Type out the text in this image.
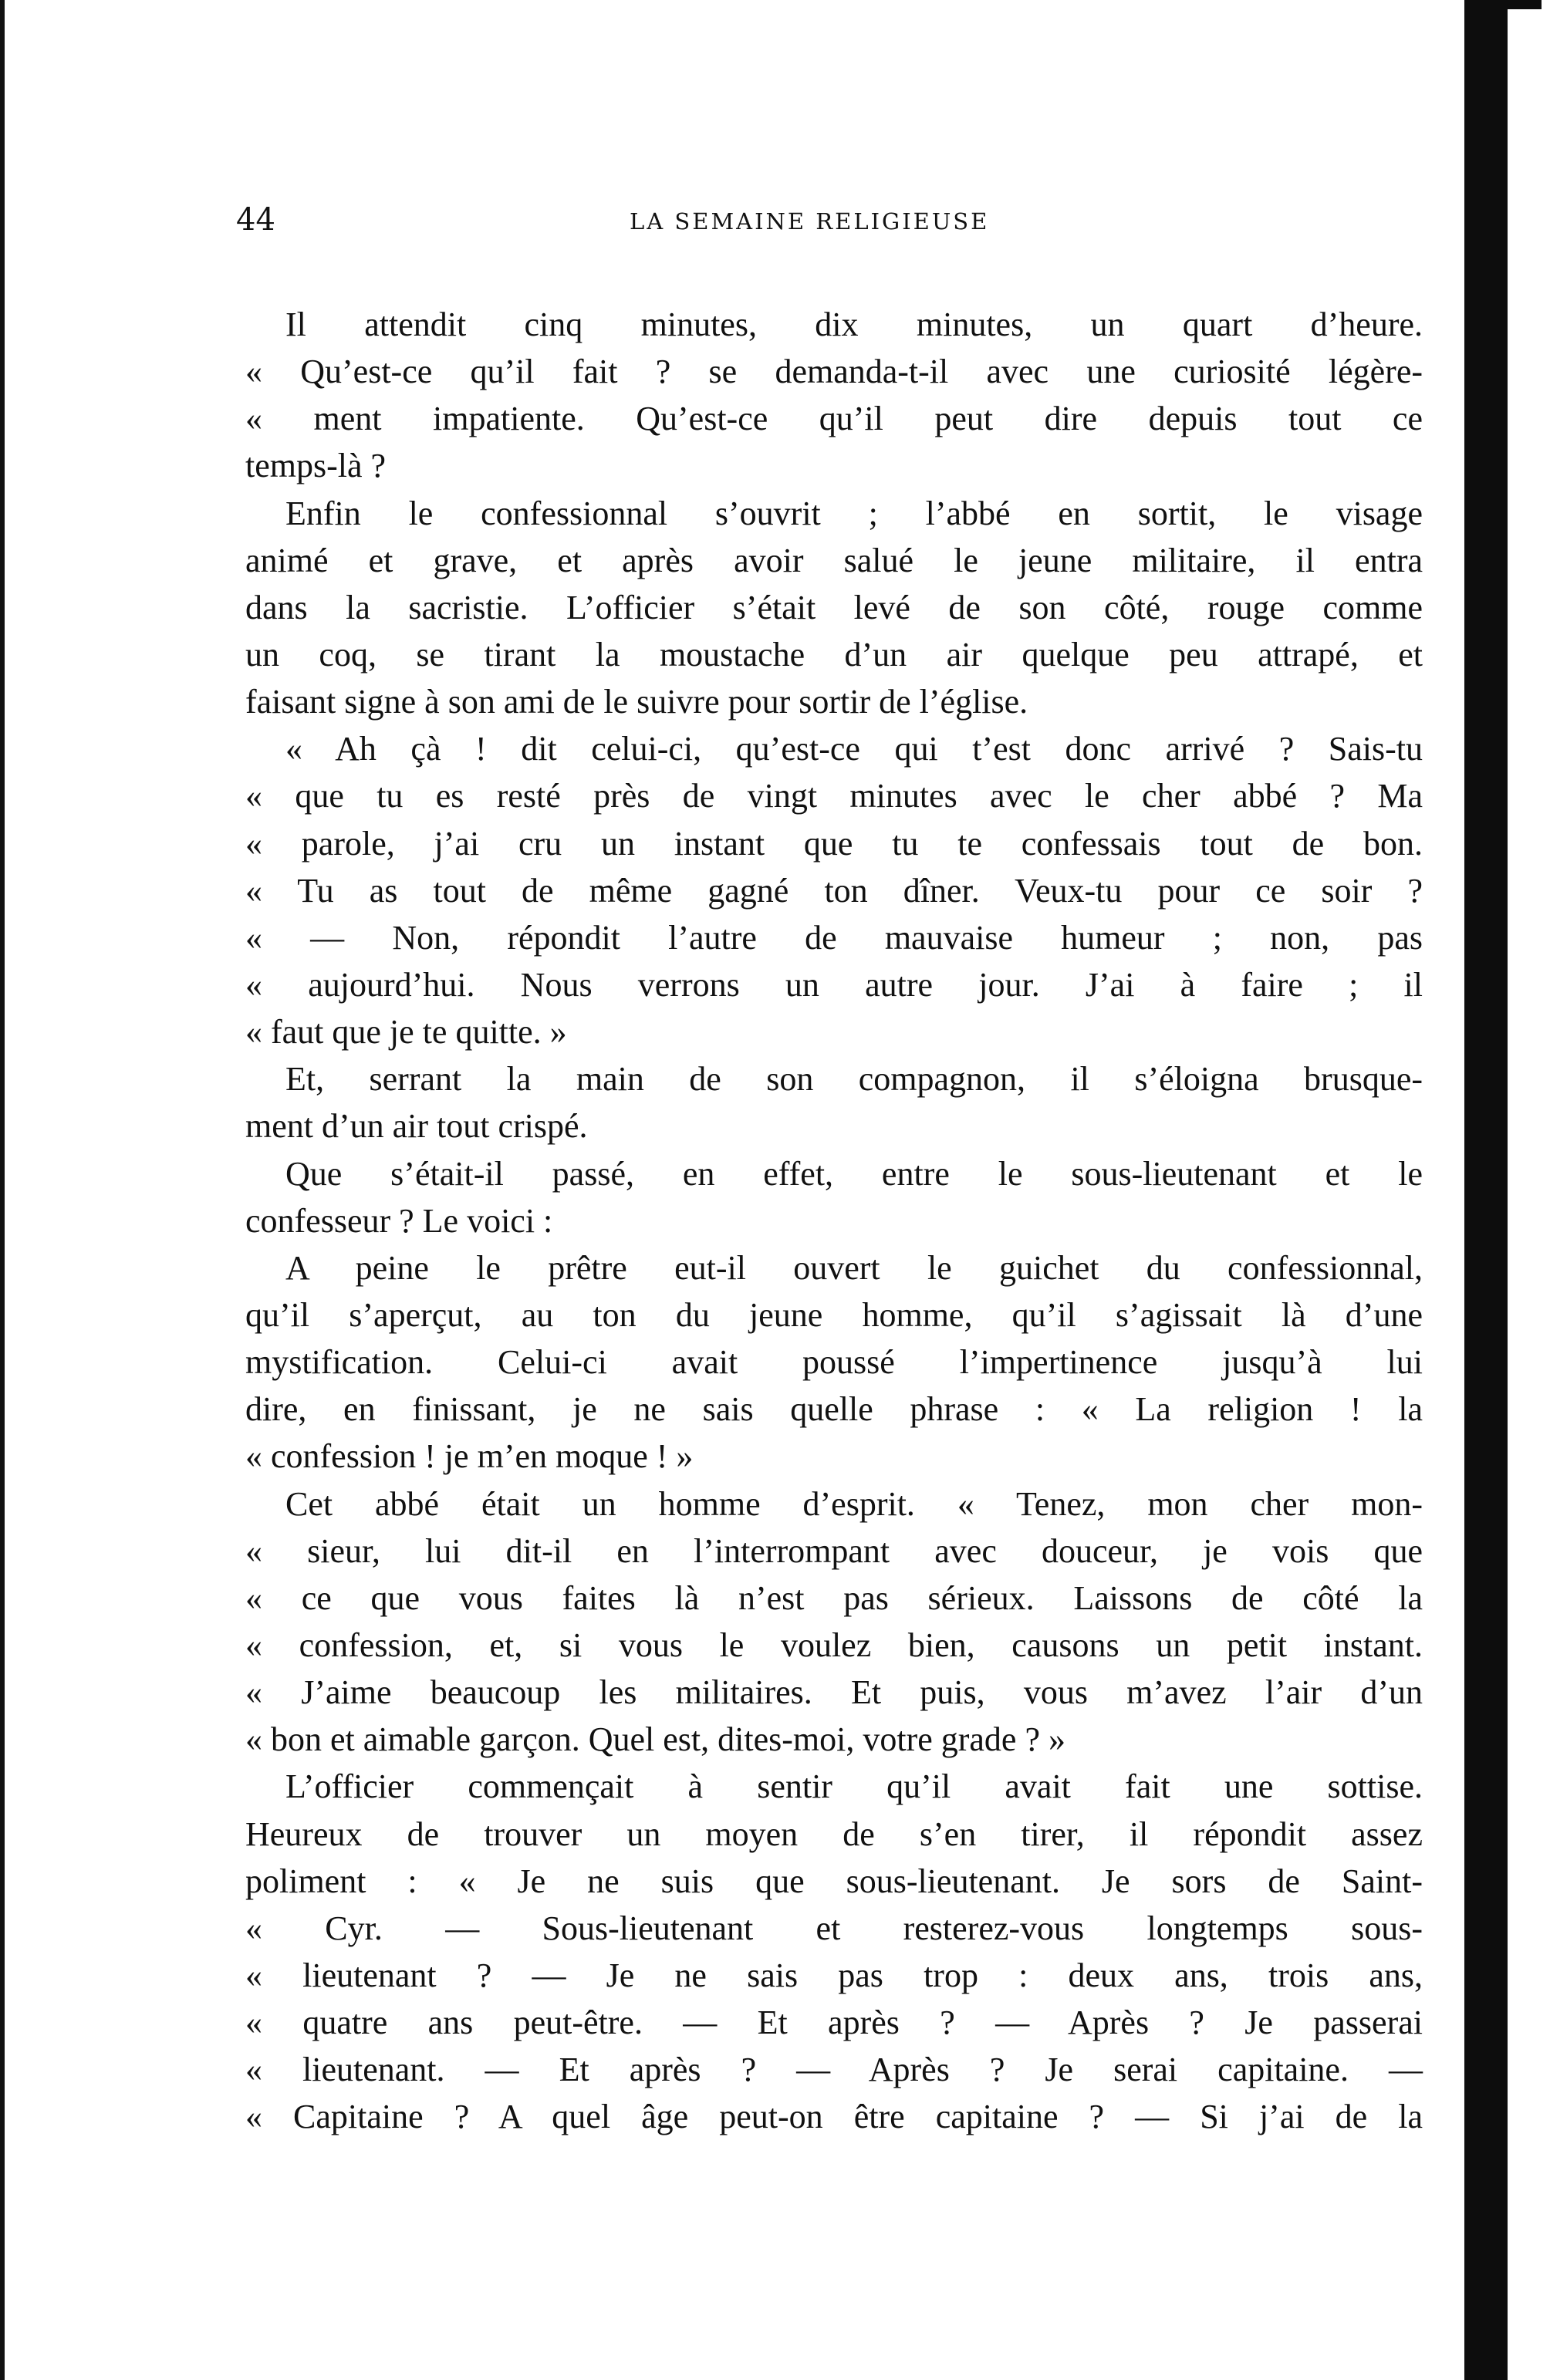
44	LA SEMAINE RELIGIEUSE
Il attendit cinq minutes, dix minutes, un quart d’heure.
« Qu’est-ce qu’il fait ? se demanda-t-il avec une curiosité légère-
« ment impatiente. Qu’est-ce qu’il peut dire depuis tout ce
temps-là ?
Enfin le confessionnal s’ouvrit ; l’abbé en sortit, le visage
animé et grave, et après avoir salué le jeune militaire, il entra
dans la sacristie. L’officier s’était levé de son côté, rouge comme
un coq, se tirant la moustache d’un air quelque peu attrapé, et
faisant signe à son ami de le suivre pour sortir de l’église.
« Ah çà ! dit celui-ci, qu’est-ce qui t’est donc arrivé ? Sais-tu
« que tu es resté près de vingt minutes avec le cher abbé ? Ma
« parole, j’ai cru un instant que tu te confessais tout de bon.
« Tu as tout de même gagné ton dîner. Veux-tu pour ce soir ?
« — Non, répondit l’autre de mauvaise humeur ; non, pas
« aujourd’hui. Nous verrons un autre jour. J’ai à faire ; il
« faut que je te quitte. »
Et, serrant la main de son compagnon, il s’éloigna brusque-
ment d’un air tout crispé.
Que s’était-il passé, en effet, entre le sous-lieutenant et le
confesseur ? Le voici :
A peine le prêtre eut-il ouvert le guichet du confessionnal,
qu’il s’aperçut, au ton du jeune homme, qu’il s’agissait là d’une
mystification. Celui-ci avait poussé l’impertinence jusqu’à lui
dire, en finissant, je ne sais quelle phrase : « La religion ! la
« confession ! je m’en moque ! »
Cet abbé était un homme d’esprit. « Tenez, mon cher mon-
« sieur, lui dit-il en l’interrompant avec douceur, je vois que
« ce que vous faites là n’est pas sérieux. Laissons de côté la
« confession, et, si vous le voulez bien, causons un petit instant.
« J’aime beaucoup les militaires. Et puis, vous m’avez l’air d’un
« bon et aimable garçon. Quel est, dites-moi, votre grade ? »
L’officier commençait à sentir qu’il avait fait une sottise.
Heureux de trouver un moyen de s’en tirer, il répondit assez
poliment : « Je ne suis que sous-lieutenant. Je sors de Saint-
« Cyr. — Sous-lieutenant et resterez-vous longtemps sous-
« lieutenant ? — Je ne sais pas trop : deux ans, trois ans,
« quatre ans peut-être. — Et après ? — Après ? Je passerai
« lieutenant. — Et après ? — Après ? Je serai capitaine. —
« Capitaine ? A quel âge peut-on être capitaine ? — Si j’ai de la
